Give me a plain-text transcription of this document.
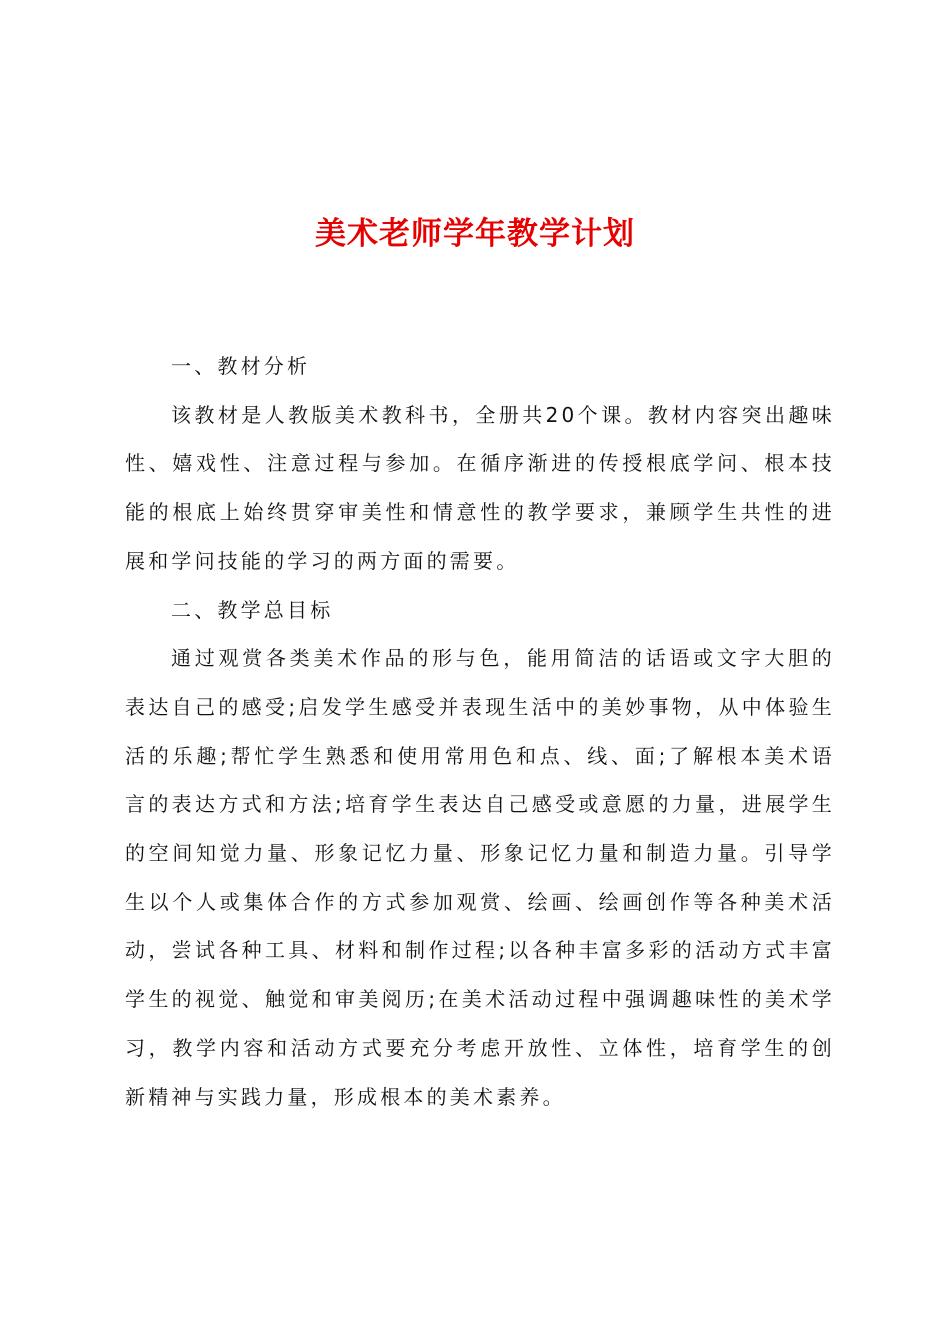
美术老师学年教学计划

一、教材分析

该教材是人教版美术教科书，全册共20个课。教材内容突出趣味性、嬉戏性、注意过程与参加。在循序渐进的传授根底学问、根本技能的根底上始终贯穿审美性和情意性的教学要求，兼顾学生共性的进展和学问技能的学习的两方面的需要。

二、教学总目标

通过观赏各类美术作品的形与色，能用简洁的话语或文字大胆的表达自己的感受;启发学生感受并表现生活中的美妙事物，从中体验生活的乐趣;帮忙学生熟悉和使用常用色和点、线、面;了解根本美术语言的表达方式和方法;培育学生表达自己感受或意愿的力量，进展学生的空间知觉力量、形象记忆力量、形象记忆力量和制造力量。引导学生以个人或集体合作的方式参加观赏、绘画、绘画创作等各种美术活动，尝试各种工具、材料和制作过程;以各种丰富多彩的活动方式丰富学生的视觉、触觉和审美阅历;在美术活动过程中强调趣味性的美术学习，教学内容和活动方式要充分考虑开放性、立体性，培育学生的创新精神与实践力量，形成根本的美术素养。
